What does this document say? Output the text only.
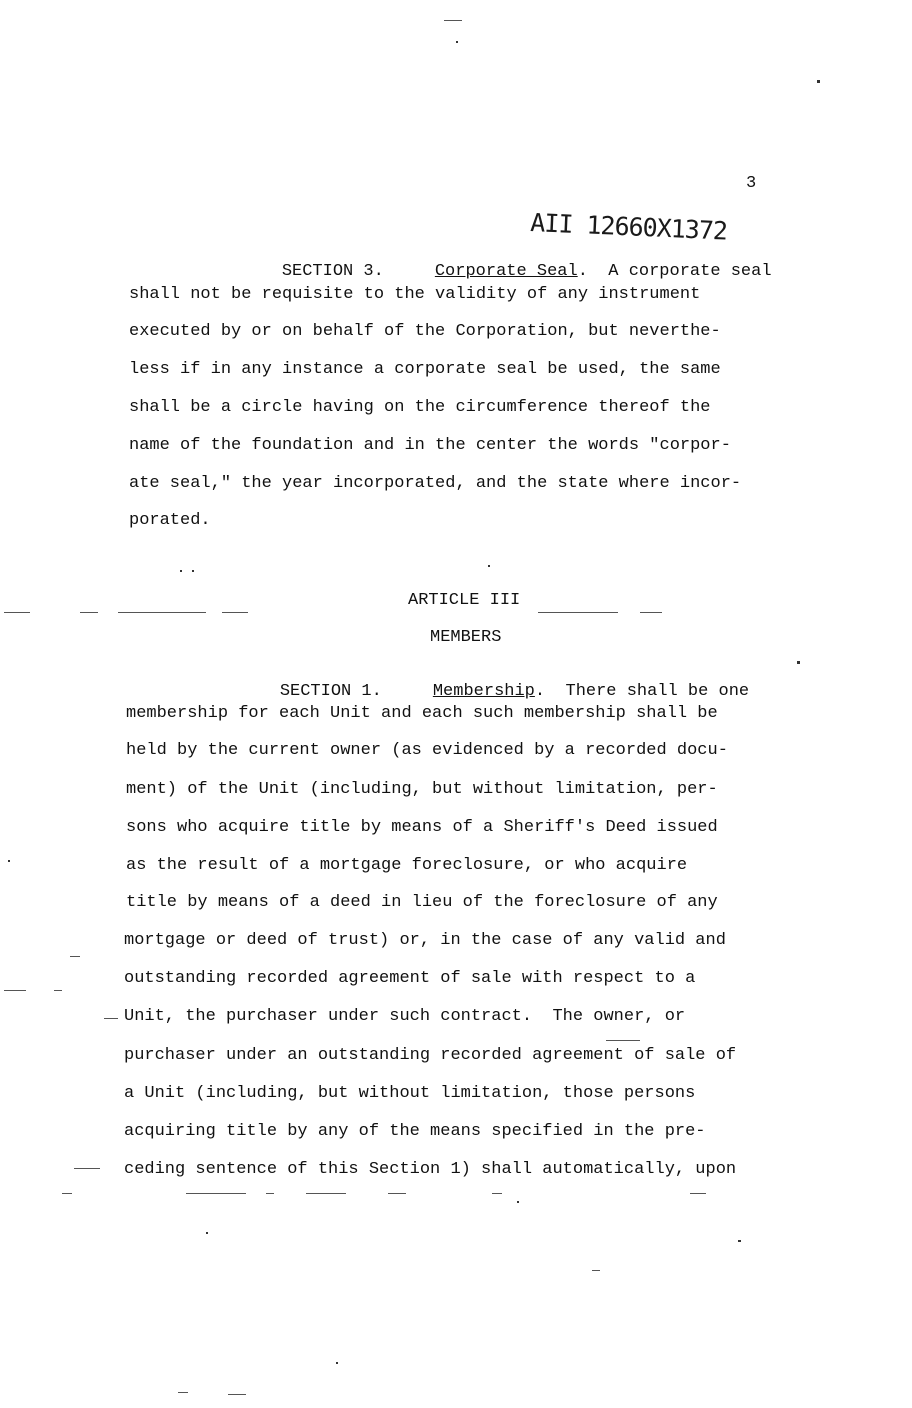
3
AII 12660X1372

SECTION 3.	Corporate Seal. A corporate seal

shall not be requisite to the validity of any instrument
executed by or on behalf of the Corporation, but neverthe-
less if in any instance a corporate seal be used, the same
shall be a circle having on the circumference thereof the
name of the foundation and in the center the words "corpor-
ate seal," the year incorporated, and the state where incor-
porated.
ARTICLE III
MEMBERS

SECTION 1.	Membership. There shall be one

membership for each Unit and each such membership shall be
held by the current owner (as evidenced by a recorded docu-
ment) of the Unit (including, but without limitation, per-
sons who acquire title by means of a Sheriff's Deed issued
as the result of a mortgage foreclosure, or who acquire
title by means of a deed in lieu of the foreclosure of any
mortgage or deed of trust) or, in the case of any valid and
outstanding recorded agreement of sale with respect to a
Unit, the purchaser under such contract.  The owner, or
purchaser under an outstanding recorded agreement of sale of
a Unit (including, but without limitation, those persons
acquiring title by any of the means specified in the pre-
ceding sentence of this Section 1) shall automatically, upon
